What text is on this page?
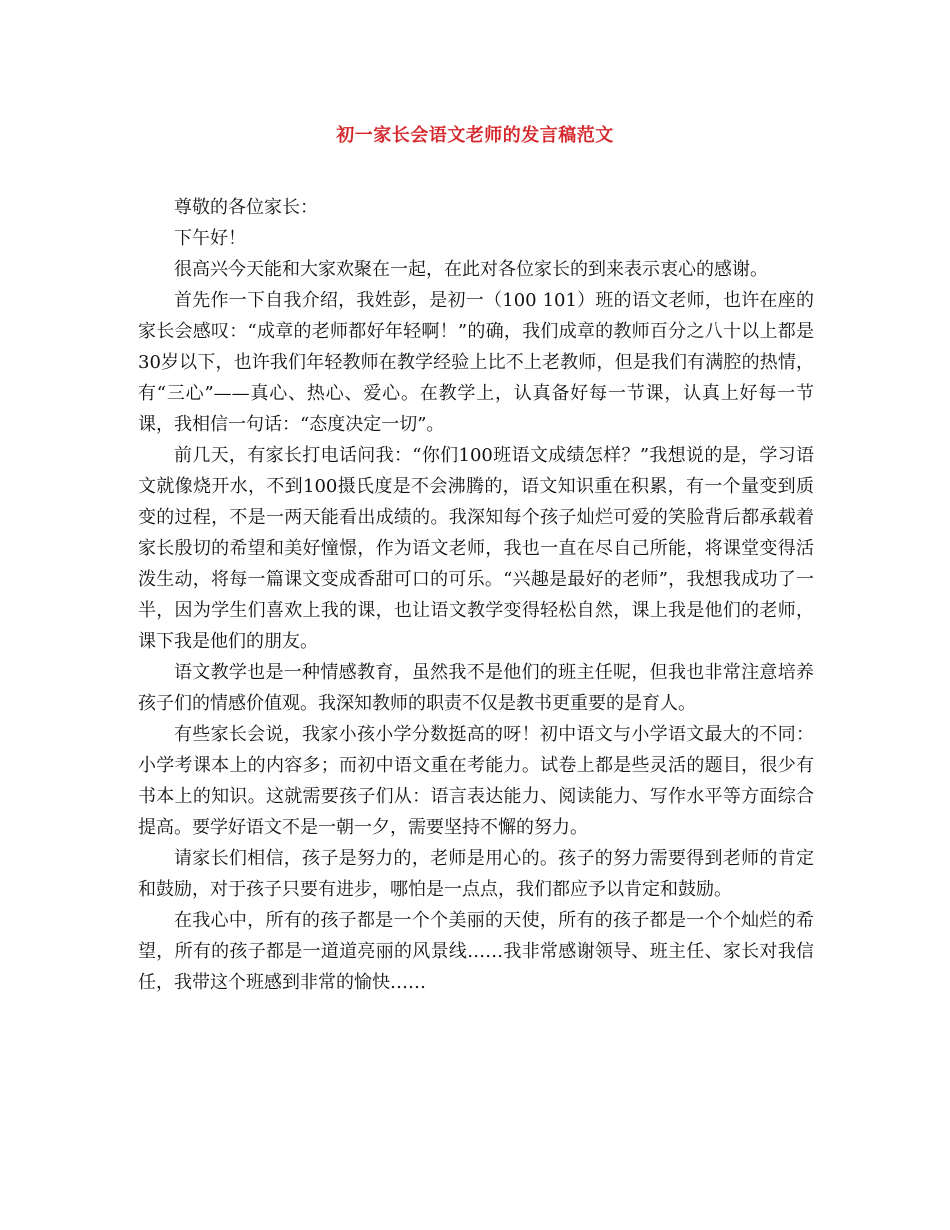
初一家长会语文老师的发言稿范文

尊敬的各位家长：

下午好！

很高兴今天能和大家欢聚在一起，在此对各位家长的到来表示衷心的感谢。

首先作一下自我介绍，我姓彭，是初一（100 101）班的语文老师，也许在座的家长会感叹：“成章的老师都好年轻啊！”的确，我们成章的教师百分之八十以上都是30岁以下，也许我们年轻教师在教学经验上比不上老教师，但是我们有满腔的热情，有“三心”——真心、热心、爱心。在教学上，认真备好每一节课，认真上好每一节课，我相信一句话：“态度决定一切”。

前几天，有家长打电话问我：“你们100班语文成绩怎样？”我想说的是，学习语文就像烧开水，不到100摄氏度是不会沸腾的，语文知识重在积累，有一个量变到质变的过程，不是一两天能看出成绩的。我深知每个孩子灿烂可爱的笑脸背后都承载着家长殷切的希望和美好憧憬，作为语文老师，我也一直在尽自己所能，将课堂变得活泼生动，将每一篇课文变成香甜可口的可乐。“兴趣是最好的老师”，我想我成功了一半，因为学生们喜欢上我的课，也让语文教学变得轻松自然，课上我是他们的老师，课下我是他们的朋友。

语文教学也是一种情感教育，虽然我不是他们的班主任呢，但我也非常注意培养孩子们的情感价值观。我深知教师的职责不仅是教书更重要的是育人。

有些家长会说，我家小孩小学分数挺高的呀！初中语文与小学语文最大的不同：小学考课本上的内容多；而初中语文重在考能力。试卷上都是些灵活的题目，很少有书本上的知识。这就需要孩子们从：语言表达能力、阅读能力、写作水平等方面综合提高。要学好语文不是一朝一夕，需要坚持不懈的努力。

请家长们相信，孩子是努力的，老师是用心的。孩子的努力需要得到老师的肯定和鼓励，对于孩子只要有进步，哪怕是一点点，我们都应予以肯定和鼓励。

在我心中，所有的孩子都是一个个美丽的天使，所有的孩子都是一个个灿烂的希望，所有的孩子都是一道道亮丽的风景线……我非常感谢领导、班主任、家长对我信任，我带这个班感到非常的愉快……
